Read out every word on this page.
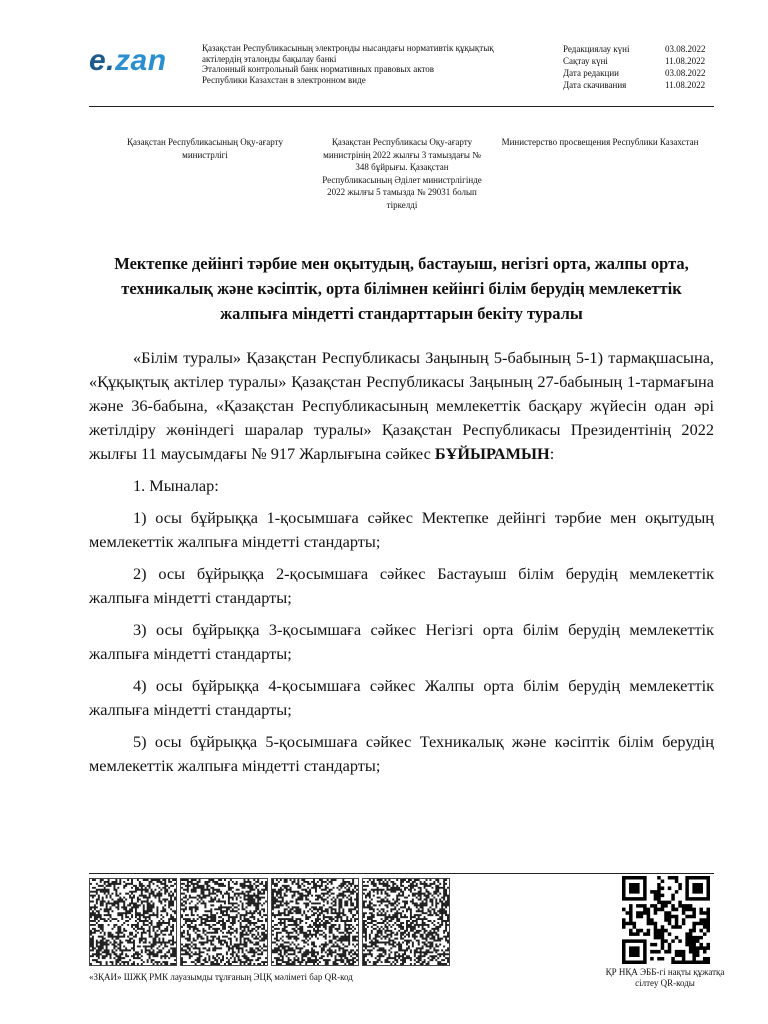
e.zan	Қазақстан Республикасының электронды нысандағы нормативтік құқықтық
актілердің эталонды бақылау банкі
Эталонный контрольный банк нормативных правовых актов
Республики Казахстан в электронном виде
Редакциялау күні	03.08.2022
Сақтау күні	11.08.2022
Дата редакции	03.08.2022
Дата скачивания	11.08.2022
Қазақстан Республикасының Оқу-ағарту министрлігі
Қазақстан Республикасы Оқу-ағарту министрінің 2022 жылғы 3 тамыздағы № 348 бұйрығы. Қазақстан Республикасының Әділет министрлігінде 2022 жылғы 5 тамызда № 29031 болып тіркелді
Министерство просвещения Республики Казахстан
Мектепке дейінгі тәрбие мен оқытудың, бастауыш, негізгі орта, жалпы орта, техникалық және кәсіптік, орта білімнен кейінгі білім берудің мемлекеттік жалпыға міндетті стандарттарын бекіту туралы

«Білім туралы» Қазақстан Республикасы Заңының 5-бабының 5-1) тармақшасына, «Құқықтық актілер туралы» Қазақстан Республикасы Заңының 27-бабының 1-тармағына және 36-бабына, «Қазақстан Республикасының мемлекеттік басқару жүйесін одан әрі жетілдіру жөніндегі шаралар туралы» Қазақстан Республикасы Президентінің 2022 жылғы 11 маусымдағы № 917 Жарлығына сәйкес БҰЙЫРАМЫН:

1. Мыналар:

1) осы бұйрыққа 1-қосымшаға сәйкес Мектепке дейінгі тәрбие мен оқытудың мемлекеттік жалпыға міндетті стандарты;

2) осы бұйрыққа 2-қосымшаға сәйкес Бастауыш білім берудің мемлекеттік жалпыға міндетті стандарты;

3) осы бұйрыққа 3-қосымшаға сәйкес Негізгі орта білім берудің мемлекеттік жалпыға міндетті стандарты;

4) осы бұйрыққа 4-қосымшаға сәйкес Жалпы орта білім берудің мемлекеттік жалпыға міндетті стандарты;

5) осы бұйрыққа 5-қосымшаға сәйкес Техникалық және кәсіптік білім берудің мемлекеттік жалпыға міндетті стандарты;

«ЗҚАИ» ШЖҚ РМК лауазымды тұлғаның ЭЦҚ мәліметі бар QR-код	ҚР НҚА ЭББ-гі нақты құжатқа сілтеу QR-коды
